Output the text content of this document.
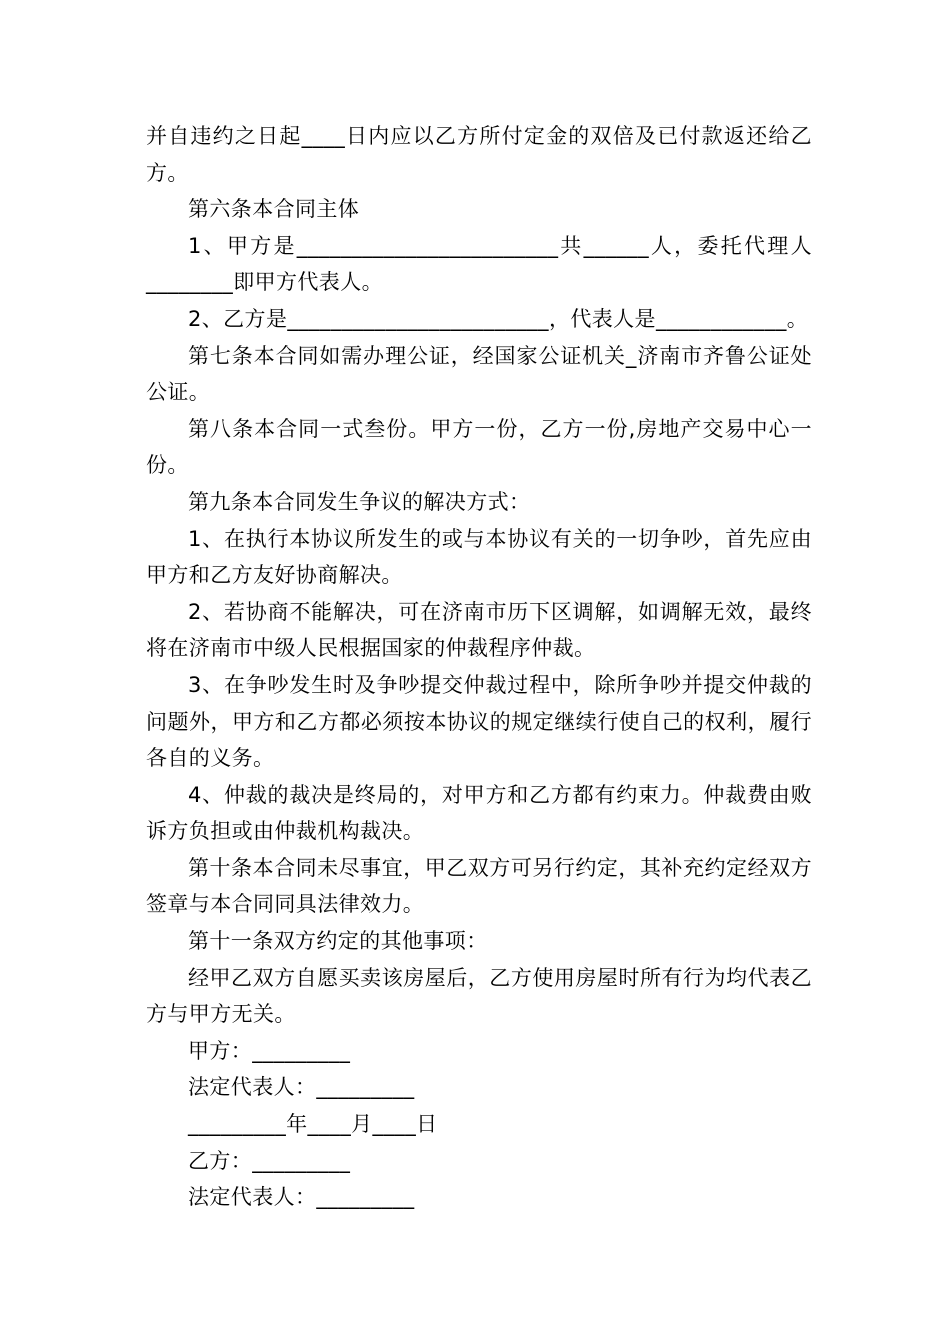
并自违约之日起____日内应以乙方所付定金的双倍及已付款返还给乙方。

第六条本合同主体

1、甲方是________________________共______人，委托代理人________即甲方代表人。

2、乙方是________________________，代表人是____________。

第七条本合同如需办理公证，经国家公证机关_济南市齐鲁公证处公证。

第八条本合同一式叁份。甲方一份，乙方一份,房地产交易中心一份。

第九条本合同发生争议的解决方式：

1、在执行本协议所发生的或与本协议有关的一切争吵，首先应由甲方和乙方友好协商解决。

2、若协商不能解决，可在济南市历下区调解，如调解无效，最终将在济南市中级人民根据国家的仲裁程序仲裁。

3、在争吵发生时及争吵提交仲裁过程中，除所争吵并提交仲裁的问题外，甲方和乙方都必须按本协议的规定继续行使自己的权利，履行各自的义务。

4、仲裁的裁决是终局的，对甲方和乙方都有约束力。仲裁费由败诉方负担或由仲裁机构裁决。

第十条本合同未尽事宜，甲乙双方可另行约定，其补充约定经双方签章与本合同同具法律效力。

第十一条双方约定的其他事项：

经甲乙双方自愿买卖该房屋后，乙方使用房屋时所有行为均代表乙方与甲方无关。

甲方：_________

法定代表人：_________

_________年____月____日

乙方：_________

法定代表人：_________
